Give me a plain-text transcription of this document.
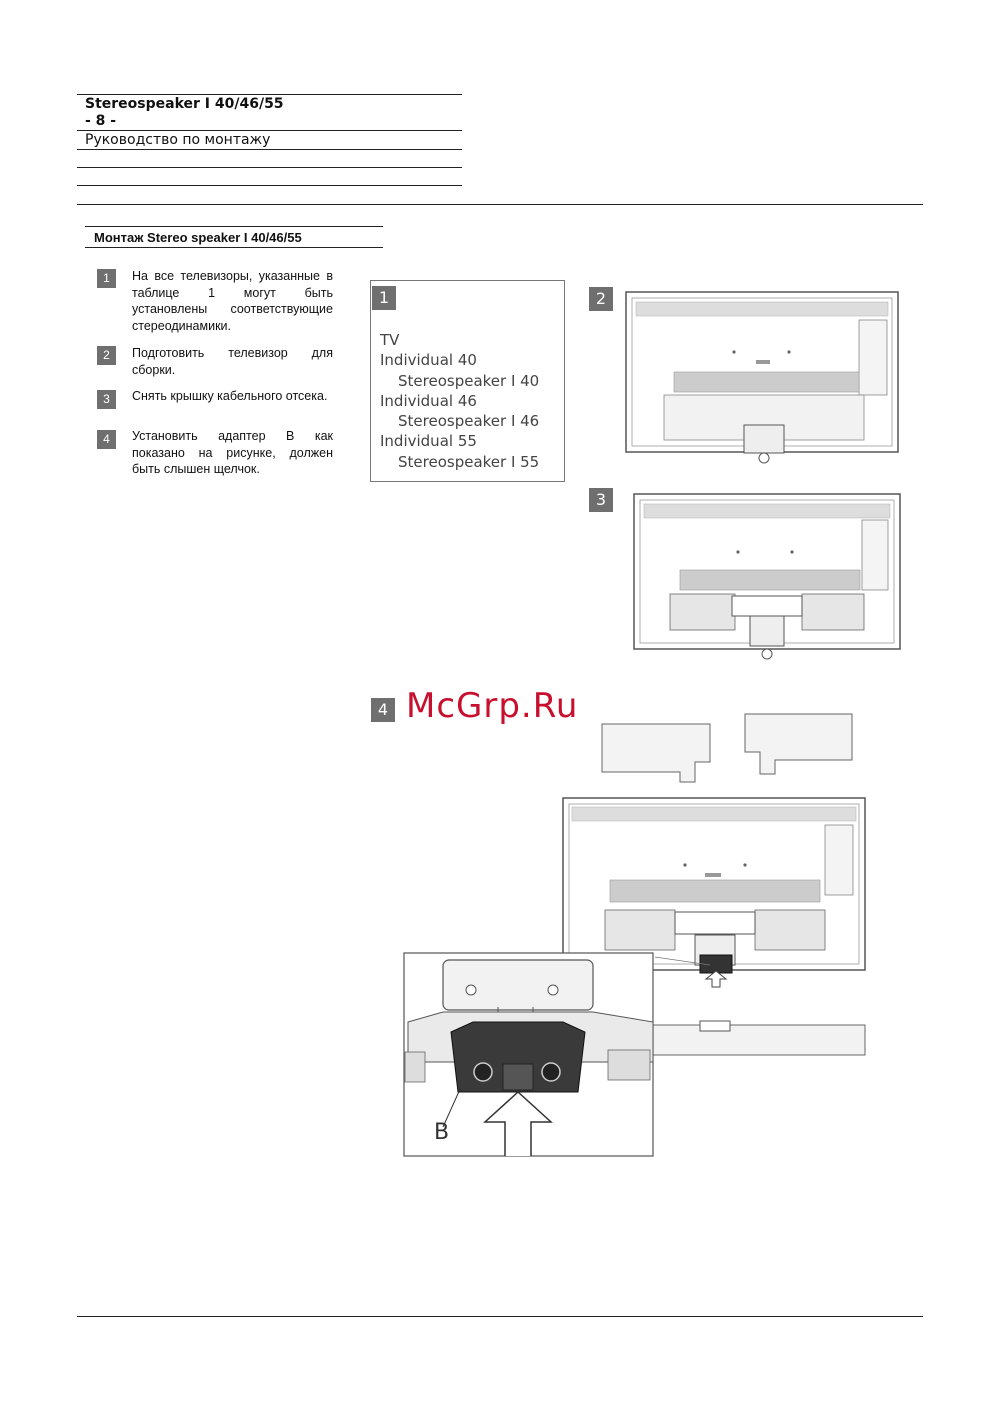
Stereospeaker I 40/46/55
- 8 -
Руководство по монтажу
Монтаж Stereo speaker I 40/46/55
1	На все телевизоры, указанные в таблице 1 могут быть установлены соответствующие стереодинамики.
2	Подготовить телевизор для сборки.
3	Снять крышку кабельного отсека.
4	Установить адаптер B как показано на рисунке, должен быть слышен щелчок.
1
TV
Individual 40
Stereospeaker I 40
Individual 46
Stereospeaker I 46
Individual 55
Stereospeaker I 55
2
3
4 McGrp.Ru
B
